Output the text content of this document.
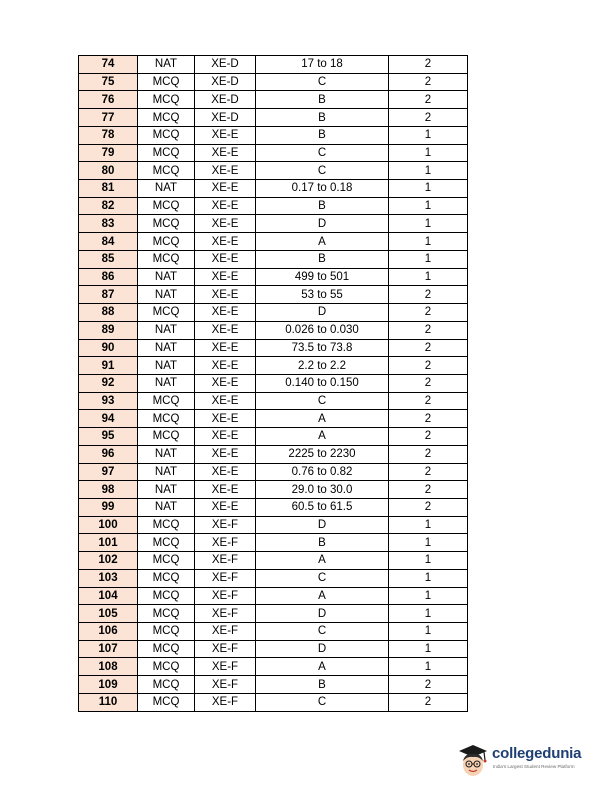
74	NAT	XE-D	17 to 18	2
75	MCQ	XE-D	C	2
76	MCQ	XE-D	B	2
77	MCQ	XE-D	B	2
78	MCQ	XE-E	B	1
79	MCQ	XE-E	C	1
80	MCQ	XE-E	C	1
81	NAT	XE-E	0.17 to 0.18	1
82	MCQ	XE-E	B	1
83	MCQ	XE-E	D	1
84	MCQ	XE-E	A	1
85	MCQ	XE-E	B	1
86	NAT	XE-E	499 to 501	1
87	NAT	XE-E	53 to 55	2
88	MCQ	XE-E	D	2
89	NAT	XE-E	0.026 to 0.030	2
90	NAT	XE-E	73.5 to 73.8	2
91	NAT	XE-E	2.2 to 2.2	2
92	NAT	XE-E	0.140 to 0.150	2
93	MCQ	XE-E	C	2
94	MCQ	XE-E	A	2
95	MCQ	XE-E	A	2
96	NAT	XE-E	2225 to 2230	2
97	NAT	XE-E	0.76 to 0.82	2
98	NAT	XE-E	29.0 to 30.0	2
99	NAT	XE-E	60.5 to 61.5	2
100	MCQ	XE-F	D	1
101	MCQ	XE-F	B	1
102	MCQ	XE-F	A	1
103	MCQ	XE-F	C	1
104	MCQ	XE-F	A	1
105	MCQ	XE-F	D	1
106	MCQ	XE-F	C	1
107	MCQ	XE-F	D	1
108	MCQ	XE-F	A	1
109	MCQ	XE-F	B	2
110	MCQ	XE-F	C	2
collegedunia
India's Largest Student Review Platform
